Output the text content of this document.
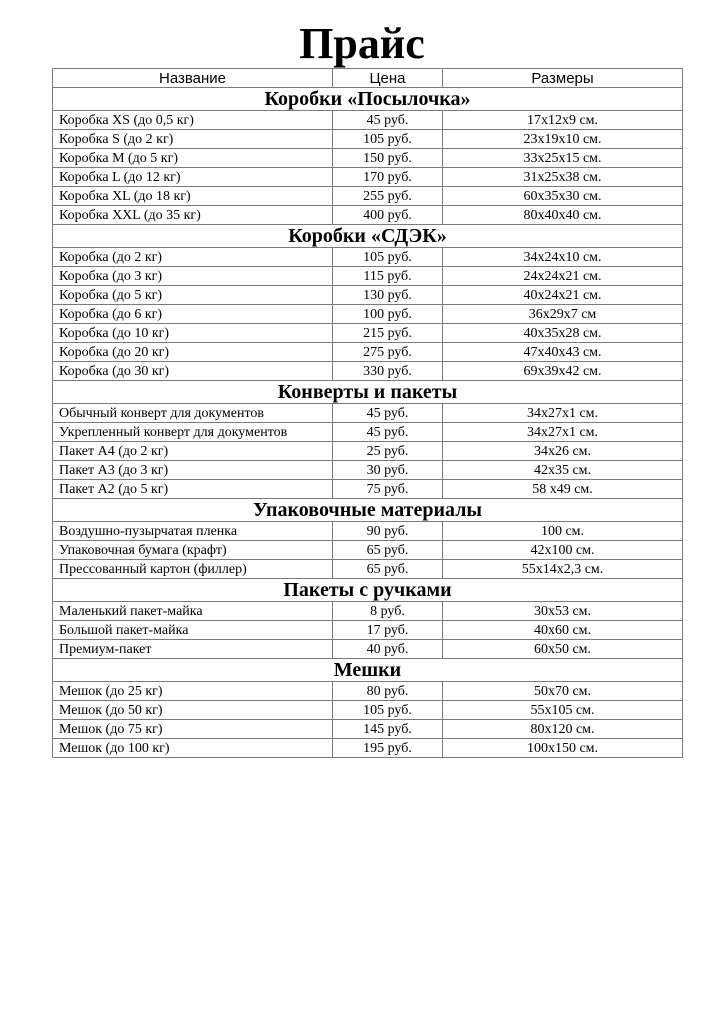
Прайс
Название	Цена	Размеры
Коробки «Посылочка»		
Коробка XS (до 0,5 кг)	45 руб.	17x12x9 см.
Коробка S (до 2 кг)	105 руб.	23x19x10 см.
Коробка M (до 5 кг)	150 руб.	33x25x15 см.
Коробка L (до 12 кг)	170 руб.	31x25x38 см.
Коробка XL (до 18 кг)	255 руб.	60x35x30 см.
Коробка XXL (до 35 кг)	400 руб.	80x40x40 см.
Коробки «СДЭК»		
Коробка (до 2 кг)	105 руб.	34x24x10 см.
Коробка (до 3 кг)	115 руб.	24x24x21 см.
Коробка (до 5 кг)	130 руб.	40x24x21 см.
Коробка (до 6 кг)	100 руб.	36x29x7 см
Коробка (до 10 кг)	215 руб.	40x35x28 см.
Коробка (до 20 кг)	275 руб.	47x40x43 см.
Коробка (до 30 кг)	330 руб.	69x39x42 см.
Конверты и пакеты		
Обычный конверт для документов	45 руб.	34x27x1 см.
Укрепленный конверт для документов	45 руб.	34x27x1 см.
Пакет А4 (до 2 кг)	25 руб.	34x26 см.
Пакет А3 (до 3 кг)	30 руб.	42x35 см.
Пакет А2 (до 5 кг)	75 руб.	58 x49 см.
Упаковочные материалы		
Воздушно-пузырчатая пленка	90 руб.	100 см.
Упаковочная бумага (крафт)	65 руб.	42x100 см.
Прессованный картон (филлер)	65 руб.	55x14x2,3 см.
Пакеты с ручками		
Маленький пакет-майка	8 руб.	30x53 см.
Большой пакет-майка	17 руб.	40x60 см.
Премиум-пакет	40 руб.	60x50 см.
Мешки		
Мешок (до 25 кг)	80 руб.	50x70 см.
Мешок (до 50 кг)	105 руб.	55x105 см.
Мешок (до 75 кг)	145 руб.	80x120 см.
Мешок (до 100 кг)	195 руб.	100x150 см.
